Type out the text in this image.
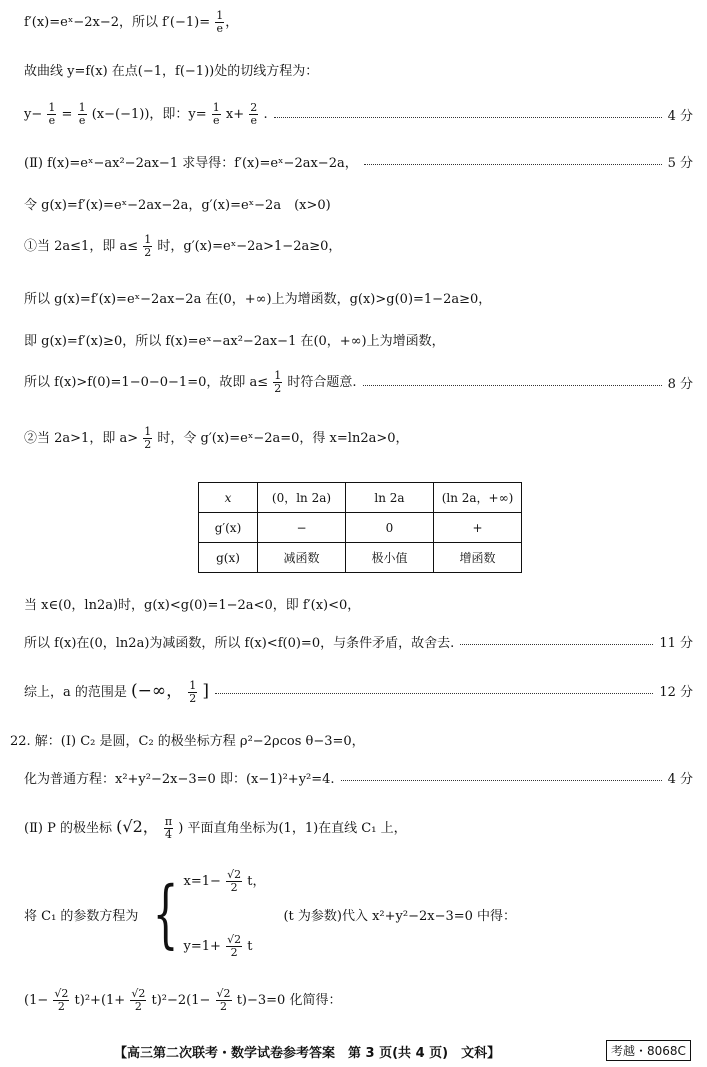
f′(x)=eˣ−2x−2，所以 $f'(-1)= \frac{1}{e}$ ，
故曲线 y=f(x) 在点(−1，f(−1))处的切线方程为：
$y- \frac{1}{e} = \frac{1}{e} (x-(-1))$，即：$y= \frac{1}{e} x+ \frac{2}{e}$ .	4 分
(Ⅱ) f(x)=eˣ−ax²−2ax−1 求导得：f′(x)=eˣ−2ax−2a，	5 分
令 g(x)=f′(x)=eˣ−2ax−2a，g′(x)=eˣ−2a　(x>0)
①当 2a≤1，即 $a\le \frac{1}{2}$ 时，g′(x)=eˣ−2a>1−2a≥0，
所以 g(x)=f′(x)=eˣ−2ax−2a 在(0，+∞)上为增函数，g(x)>g(0)=1−2a≥0，
即 g(x)=f′(x)≥0，所以 f(x)=eˣ−ax²−2ax−1 在(0，+∞)上为增函数，
所以 f(x)>f(0)=1−0−0−1=0，故即 $a\le \frac{1}{2}$ 时符合题意.	8 分
②当 2a>1，即 $a> \frac{1}{2}$ 时，令 g′(x)=eˣ−2a=0，得 x=ln2a>0，
x	(0，ln 2a)	ln 2a	(ln 2a，+∞)
g′(x)	−	0	+
g(x)	减函数	极小值	增函数
当 x∈(0，ln2a)时，g(x)<g(0)=1−2a<0，即 f′(x)<0，
所以 f(x)在(0，ln2a)为减函数，所以 f(x)<f(0)=0，与条件矛盾，故舍去.	11 分
综上，a 的范围是 (−∞， $\frac{1}{2}$ ]	12 分
22. 解：(Ⅰ) C₂ 是圆，C₂ 的极坐标方程 ρ²−2ρcos θ−3=0，
化为普通方程：x²+y²−2x−3=0 即：(x−1)²+y²=4.	4 分
(Ⅱ) P 的极坐标 (√2， $\frac{\pi}{4}$ ) 平面直角坐标为(1，1)在直线 C₁ 上，
将 C₁ 的参数方程为 { $x=1- \frac{√2}{2}$ t，
$y=1+ \frac{√2}{2}$ t
(t 为参数)代入 x²+y²−2x−3=0 中得：
$(1- \frac{√2}{2} t)^2+(1+ \frac{√2}{2} t)^2-2(1- \frac{√2}{2} t)-3=0$ 化简得：
【高三第二次联考・数学试卷参考答案　第 3 页(共 4 页)　文科】	考越・8068C
